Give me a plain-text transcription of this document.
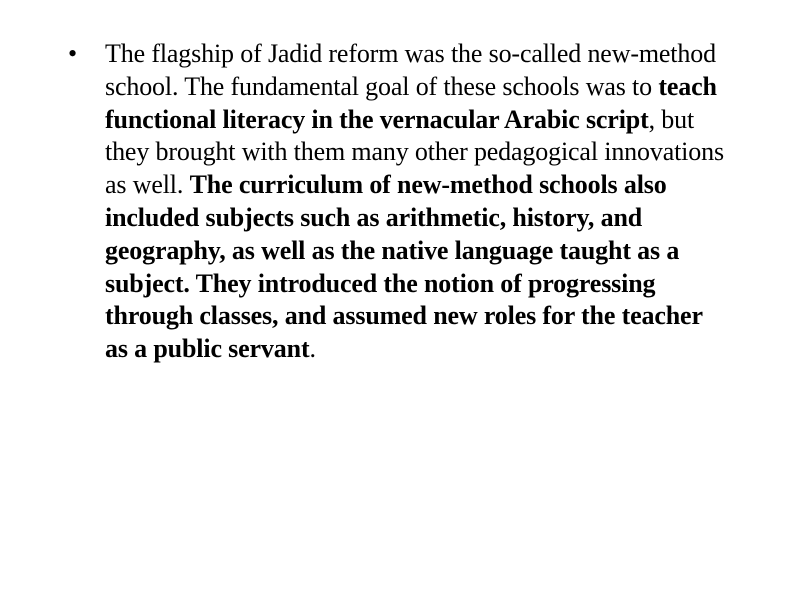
• The flagship of Jadid reform was the so-called new-method school. The fundamental goal of these schools was to teach functional literacy in the vernacular Arabic script, but they brought with them many other pedagogical innovations as well. The curriculum of new-method schools also included subjects such as arithmetic, history, and geography, as well as the native language taught as a subject. They introduced the notion of progressing through classes, and assumed new roles for the teacher as a public servant.
